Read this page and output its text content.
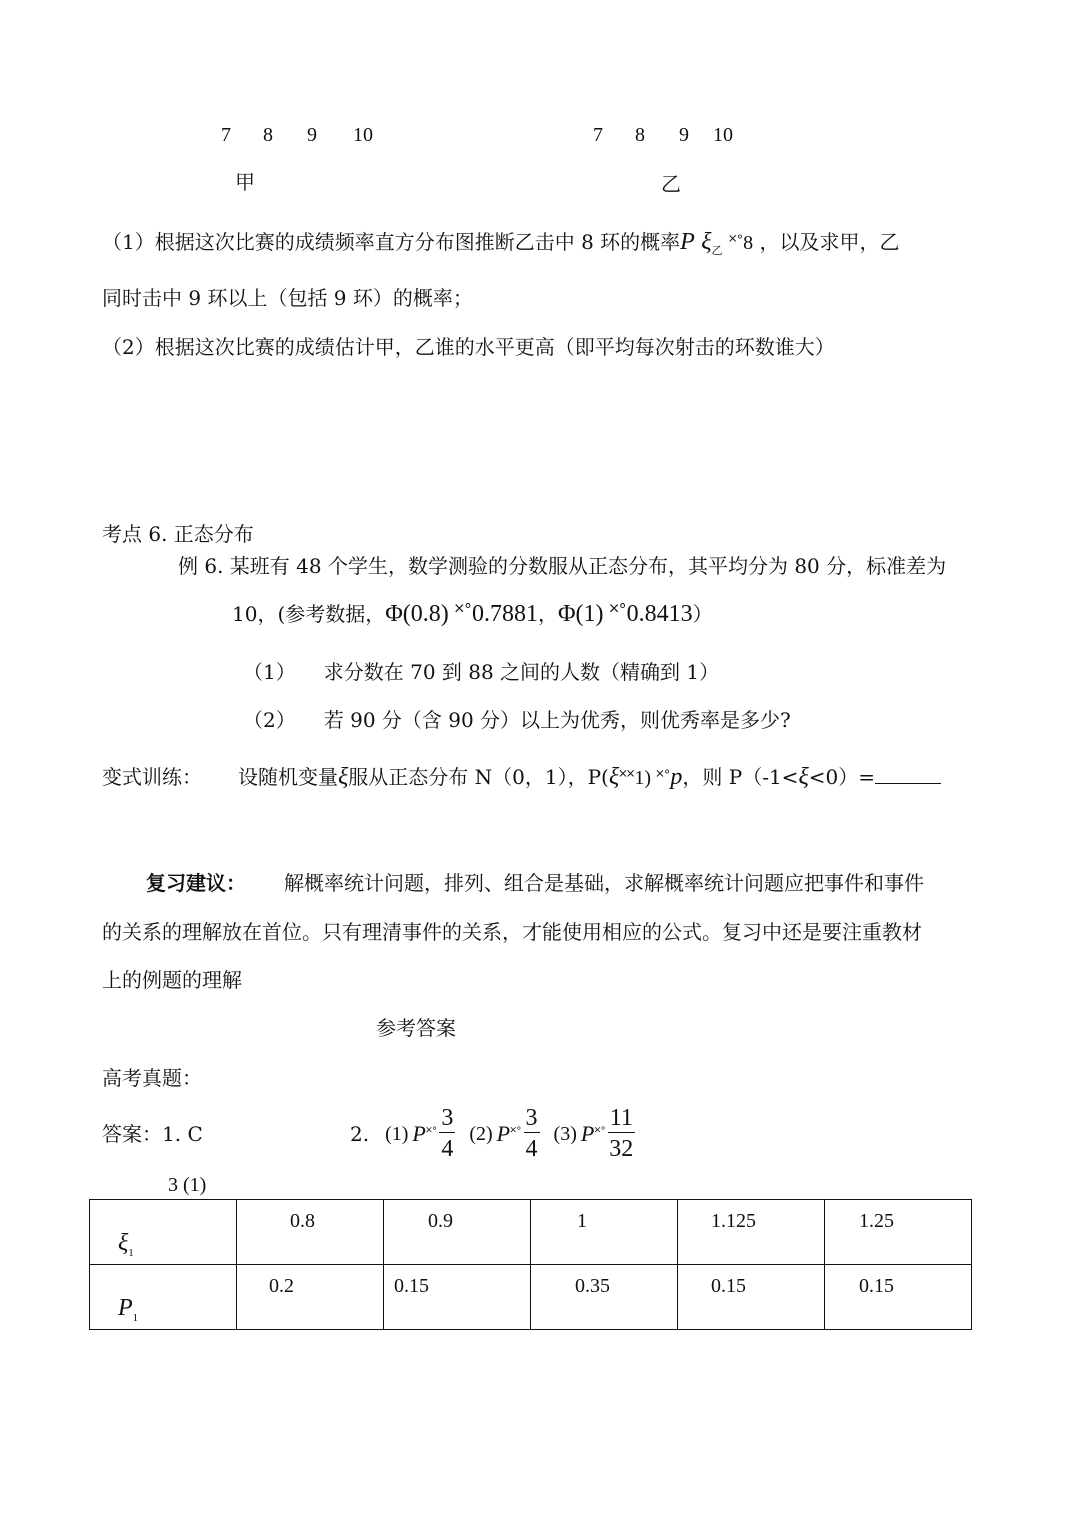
7 8 9 10
甲
7 8 9 10
乙
（1）根据这次比赛的成绩频率直方分布图推断乙击中 8 环的概率P $\xi_乙$ ˟˚8 ，以及求甲，乙
同时击中 9 环以上（包括 9 环）的概率；
（2）根据这次比赛的成绩估计甲，乙谁的水平更高（即平均每次射击的环数谁大）
考点 6. 正态分布
例 6. 某班有 48 个学生，数学测验的分数服从正态分布，其平均分为 80 分，标准差为
10，(参考数据，Φ(0.8) ˟˚0.7881，Φ(1) ˟˚0.8413）
（1） 求分数在 70 到 88 之间的人数（精确到 1）
（2） 若 90 分（含 90 分）以上为优秀，则优秀率是多少?
变式训练： 设随机变量ξ服从正态分布 N（0，1），P(ξ˟˟1) ˟˚p，则 P（-1<ξ<0）=
复习建议： 解概率统计问题，排列、组合是基础，求解概率统计问题应把事件和事件
的关系的理解放在首位。只有理清事件的关系，才能使用相应的公式。复习中还是要注重教材
上的例题的理解
参考答案
高考真题：
答案：1. C	2. (1) P ˟˚ $\frac{3}{4} (2)$ P ˟˚ $\frac{3}{4} (3)$ P ˟˚ $\frac{11}{32}$
3 (1)
$\xi_1$	0.8	0.9	1	1.125	1.25
$P_1$	0.2	0.15	0.35	0.15	0.15
